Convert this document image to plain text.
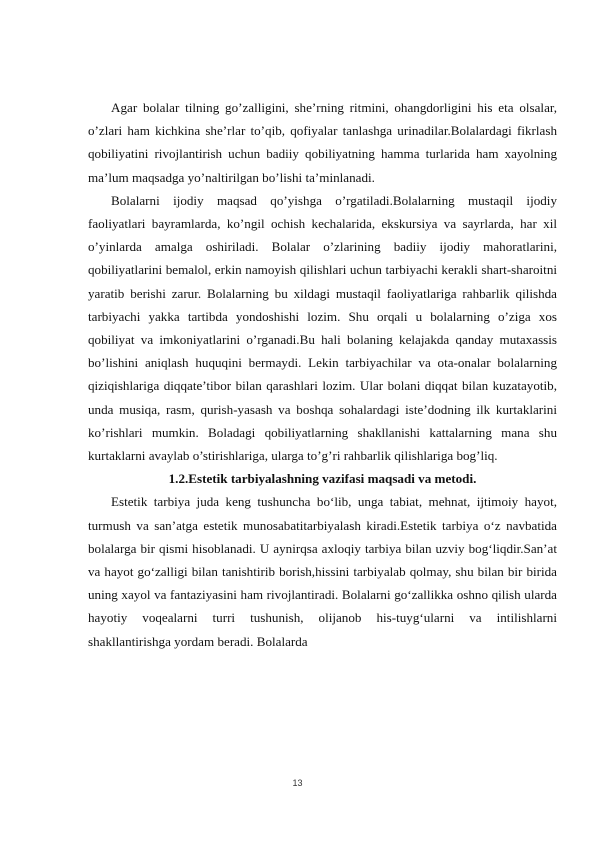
Agar bolalar tilning go’zalligini, she’rning ritmini, ohangdorligini his eta olsalar, o’zlari ham kichkina she’rlar to’qib, qofiyalar tanlashga urinadilar.Bolalardagi fikrlash qobiliyatini rivojlantirish uchun badiiy qobiliyatning hamma turlarida ham xayolning ma’lum maqsadga yo’naltirilgan bo’lishi ta’minlanadi.

Bolalarni ijodiy maqsad qo’yishga o’rgatiladi.Bolalarning mustaqil ijodiy faoliyatlari bayramlarda, ko’ngil ochish kechalarida, ekskursiya va sayrlarda, har xil o’yinlarda amalga oshiriladi. Bolalar o’zlarining badiiy ijodiy mahoratlarini, qobiliyatlarini bemalol, erkin namoyish qilishlari uchun tarbiyachi kerakli shart-sharoitni yaratib berishi zarur. Bolalarning bu xildagi mustaqil faoliyatlariga rahbarlik qilishda tarbiyachi yakka tartibda yondoshishi lozim. Shu orqali u bolalarning o’ziga xos qobiliyat va imkoniyatlarini o’rganadi.Bu hali bolaning kelajakda qanday mutaxassis bo’lishini aniqlash huquqini bermaydi. Lekin tarbiyachilar va ota-onalar bolalarning qiziqishlariga diqqate’tibor bilan qarashlari lozim. Ular bolani diqqat bilan kuzatayotib, unda musiqa, rasm, qurish-yasash va boshqa sohalardagi iste’dodning ilk kurtaklarini ko’rishlari mumkin. Boladagi qobiliyatlarning shakllanishi kattalarning mana shu kurtaklarni avaylab o’stirishlariga, ularga to’g’ri rahbarlik qilishlariga bog’liq.

1.2.Estetik tarbiyalashning vazifasi maqsadi va metodi.

Estetik tarbiya juda keng tushuncha bo‘lib, unga tabiat, mehnat, ijtimoiy hayot, turmush va san’atga estetik munosabatitarbiyalash kiradi.Estetik tarbiya o‘z navbatida bolalarga bir qismi hisoblanadi. U aynirqsa axloqiy tarbiya bilan uzviy bog‘liqdir.San’at va hayot go‘zalligi bilan tanishtirib borish,hissini tarbiyalab qolmay, shu bilan bir birida uning xayol va fantaziyasini ham rivojlantiradi. Bolalarni go‘zallikka oshno qilish ularda hayotiy voqealarni turri tushunish, olijanob his-tuyg‘ularni va intilishlarni shakllantirishga yordam beradi. Bolalarda

13
